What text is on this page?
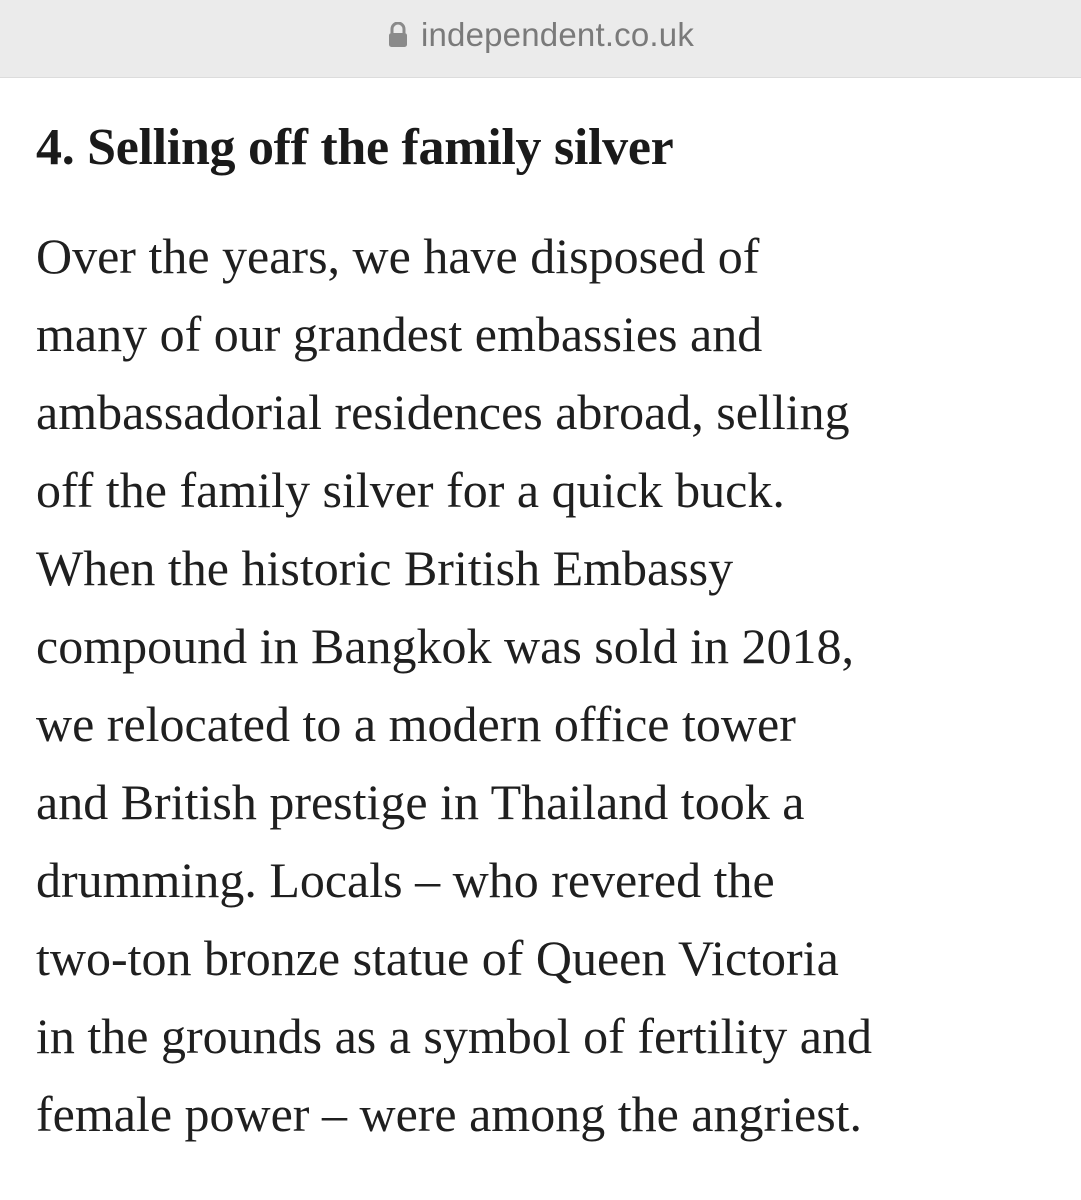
independent.co.uk
4. Selling off the family silver

Over the years, we have disposed of
many of our grandest embassies and
ambassadorial residences abroad, selling
off the family silver for a quick buck.
When the historic British Embassy
compound in Bangkok was sold in 2018,
we relocated to a modern office tower
and British prestige in Thailand took a
drumming. Locals – who revered the
two-ton bronze statue of Queen Victoria
in the grounds as a symbol of fertility and
female power – were among the angriest.
